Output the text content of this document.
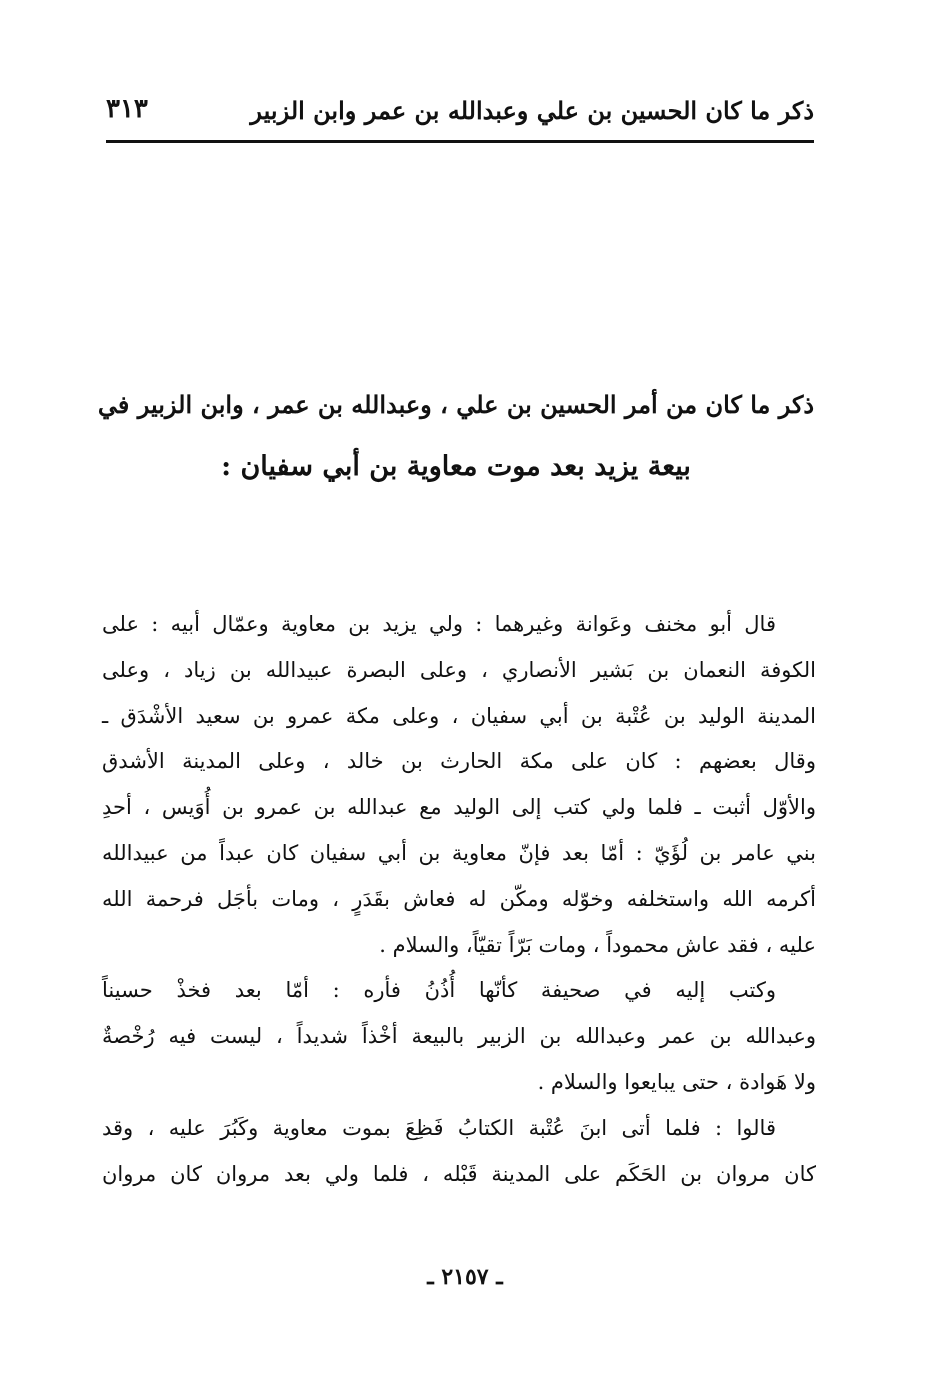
ذكر ما كان الحسين بن علي وعبدالله بن عمر وابن الزبير
٣١٣
ذكر ما كان من أمر الحسين بن علي ، وعبدالله بن عمر ، وابن الزبير في
بيعة يزيد بعد موت معاوية بن أبي سفيان :
قال أبو مخنف وعَوانة وغيرهما : ولي يزيد بن معاوية وعمّال أبيه : على
الكوفة النعمان بن بَشير الأنصاري ، وعلى البصرة عبيدالله بن زياد ، وعلى
المدينة الوليد بن عُتْبة بن أبي سفيان ، وعلى مكة عمرو بن سعيد الأشْدَق ـ
وقال بعضهم : كان على مكة الحارث بن خالد ، وعلى المدينة الأشدق
والأوّل أثبت ـ فلما ولي كتب إلى الوليد مع عبدالله بن عمرو بن أُوَيس ، أحدِ
بني عامر بن لُؤَيّ : أمّا بعد فإنّ معاوية بن أبي سفيان كان عبداً من عبيدالله
أكرمه الله واستخلفه وخوّله ومكّن له فعاش بقَدَرٍ ، ومات بأجَل فرحمة الله
عليه ، فقد عاش محموداً ، ومات بَرّاً تقيّاً، والسلام .
وكتب إليه في صحيفة كأنّها أُذُنُ فأره : أمّا بعد فخذْ حسيناً
وعبدالله بن عمر وعبدالله بن الزبير بالبيعة أخْذاً شديداً ، ليست فيه رُخْصةٌ
ولا هَوادة ، حتى يبايعوا والسلام .
قالوا : فلما أتى ابنَ عُتْبة الكتابُ فَظِعَ بموت معاوية وكَبُرَ عليه ، وقد
كان مروان بن الحَكَم على المدينة قَبْله ، فلما ولي بعد مروان كان مروان
ـ ٢١٥٧ ـ
